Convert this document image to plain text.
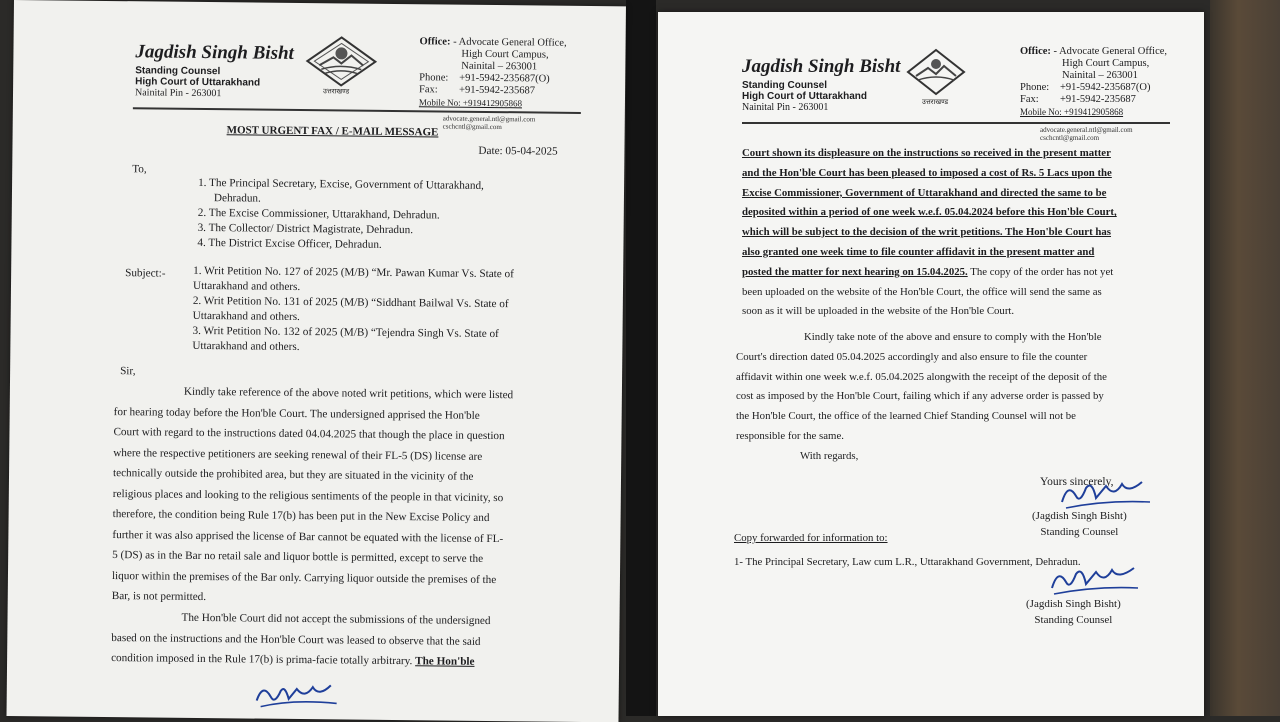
Jagdish Singh Bisht
Standing Counsel
High Court of Uttarakhand
Nainital Pin - 263001	उत्तराखण्ड
Office: - Advocate General Office,
High Court Campus,
Nainital – 263001
Phone: +91-5942-235687(O)
Fax: +91-5942-235687
Mobile No: +919412905868
advocate.general.ntl@gmail.com
cschcntl@gmail.com
MOST URGENT FAX / E-MAIL MESSAGE
Date: 05-04-2025
To,
1. The Principal Secretary, Excise, Government of Uttarakhand,
Dehradun.
2. The Excise Commissioner, Uttarakhand, Dehradun.
3. The Collector/ District Magistrate, Dehradun.
4. The District Excise Officer, Dehradun.
Subject:- 1. Writ Petition No. 127 of 2025 (M/B) “Mr. Pawan Kumar Vs. State of
Uttarakhand and others.
2. Writ Petition No. 131 of 2025 (M/B) “Siddhant Bailwal Vs. State of
Uttarakhand and others.
3. Writ Petition No. 132 of 2025 (M/B) “Tejendra Singh Vs. State of
Uttarakhand and others.
Sir,
Kindly take reference of the above noted writ petitions, which were listed
for hearing today before the Hon'ble Court. The undersigned apprised the Hon'ble
Court with regard to the instructions dated 04.04.2025 that though the place in question
where the respective petitioners are seeking renewal of their FL-5 (DS) license are
technically outside the prohibited area, but they are situated in the vicinity of the
religious places and looking to the religious sentiments of the people in that vicinity, so
therefore, the condition being Rule 17(b) has been put in the New Excise Policy and
further it was also apprised the license of Bar cannot be equated with the license of FL-
5 (DS) as in the Bar no retail sale and liquor bottle is permitted, except to serve the
liquor within the premises of the Bar only. Carrying liquor outside the premises of the
Bar, is not permitted.
The Hon'ble Court did not accept the submissions of the undersigned
based on the instructions and the Hon'ble Court was leased to observe that the said
condition imposed in the Rule 17(b) is prima-facie totally arbitrary. The Hon'ble
Jagdish Singh Bisht
Standing Counsel
High Court of Uttarakhand
Nainital Pin - 263001	उत्तराखण्ड
Office: - Advocate General Office,
High Court Campus,
Nainital – 263001
Phone: +91-5942-235687(O)
Fax: +91-5942-235687
Mobile No: +919412905868
advocate.general.ntl@gmail.com
cschcntl@gmail.com
Court shown its displeasure on the instructions so received in the present matter
and the Hon'ble Court has been pleased to imposed a cost of Rs. 5 Lacs upon the
Excise Commissioner, Government of Uttarakhand and directed the same to be
deposited within a period of one week w.e.f. 05.04.2024 before this Hon'ble Court,
which will be subject to the decision of the writ petitions. The Hon'ble Court has
also granted one week time to file counter affidavit in the present matter and
posted the matter for next hearing on 15.04.2025. The copy of the order has not yet
been uploaded on the website of the Hon'ble Court, the office will send the same as
soon as it will be uploaded in the website of the Hon'ble Court.
Kindly take note of the above and ensure to comply with the Hon'ble
Court's direction dated 05.04.2025 accordingly and also ensure to file the counter
affidavit within one week w.e.f. 05.04.2025 alongwith the receipt of the deposit of the
cost as imposed by the Hon'ble Court, failing which if any adverse order is passed by
the Hon'ble Court, the office of the learned Chief Standing Counsel will not be
responsible for the same.
With regards,
Yours sincerely,
(Jagdish Singh Bisht)
Standing Counsel
Copy forwarded for information to:
1- The Principal Secretary, Law cum L.R., Uttarakhand Government, Dehradun.
(Jagdish Singh Bisht)
Standing Counsel
